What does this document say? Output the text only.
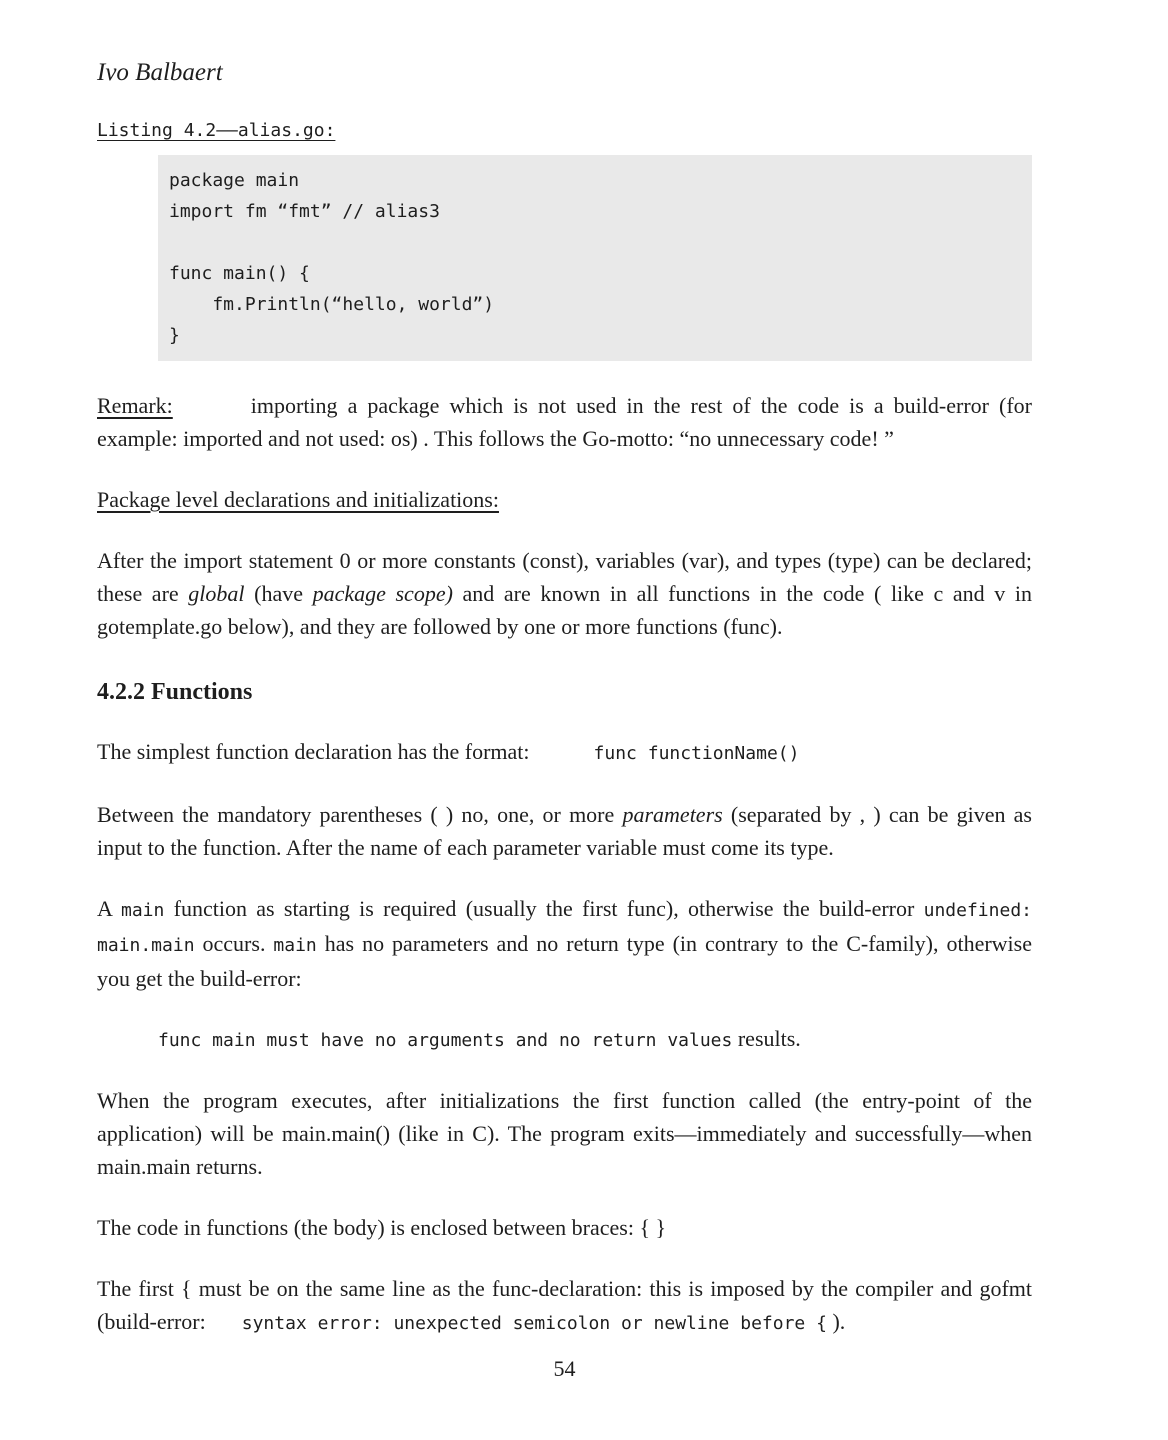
Ivo Balbaert
Listing 4.2——alias.go:
package main
import fm “fmt” // alias3
func main() {
fm.Println(“hello, world”)
}

Remark:	importing a package which is not used in the rest of the code is a build-error (for example: imported and not used: os) . This follows the Go-motto: “no unnecessary code! ”

Package level declarations and initializations:

After the import statement 0 or more constants (const), variables (var), and types (type) can be declared; these are global (have package scope) and are known in all functions in the code ( like c and v in gotemplate.go below), and they are followed by one or more functions (func).

4.2.2 Functions

The simplest function declaration has the format:	func functionName()

Between the mandatory parentheses ( ) no, one, or more parameters (separated by , ) can be given as input to the function. After the name of each parameter variable must come its type.

A main function as starting is required (usually the first func), otherwise the build-error undefined: main.main occurs. main has no parameters and no return type (in contrary to the C-family), otherwise you get the build-error:

func main must have no arguments and no return values results.

When the program executes, after initializations the first function called (the entry-point of the application) will be main.main() (like in C). The program exits—immediately and successfully—when main.main returns.

The code in functions (the body) is enclosed between braces: { }

The first { must be on the same line as the func-declaration: this is imposed by the compiler and gofmt (build-error: syntax error: unexpected semicolon or newline before { ).

54
